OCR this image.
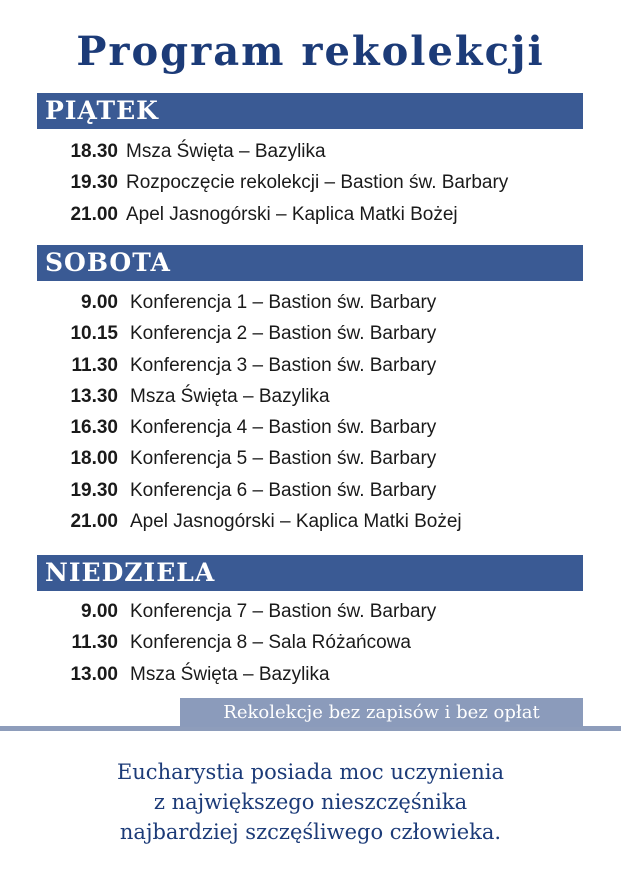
Program rekolekcji
PIĄTEK
18.30 Msza Święta – Bazylika
19.30 Rozpoczęcie rekolekcji – Bastion św. Barbary
21.00 Apel Jasnogórski – Kaplica Matki Bożej
SOBOTA
9.00 Konferencja 1 – Bastion św. Barbary
10.15 Konferencja 2 – Bastion św. Barbary
11.30 Konferencja 3 – Bastion św. Barbary
13.30 Msza Święta – Bazylika
16.30 Konferencja 4 – Bastion św. Barbary
18.00 Konferencja 5 – Bastion św. Barbary
19.30 Konferencja 6 – Bastion św. Barbary
21.00 Apel Jasnogórski – Kaplica Matki Bożej
NIEDZIELA
9.00 Konferencja 7 – Bastion św. Barbary
11.30 Konferencja 8 – Sala Różańcowa
13.00 Msza Święta – Bazylika
Rekolekcje bez zapisów i bez opłat
Eucharystia posiada moc uczynienia
z największego nieszczęśnika
najbardziej szczęśliwego człowieka.
